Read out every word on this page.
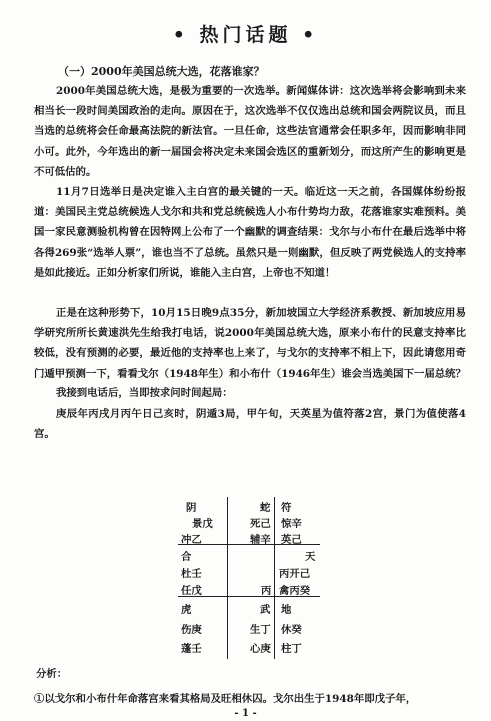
• 热门话题 •
（一）2000年美国总统大选，花落谁家？
2000年美国总统大选，是极为重要的一次选举。新闻媒体讲：这次选举将会影响到未来相当长一段时间美国政治的走向。原因在于，这次选举不仅仅选出总统和国会两院议员，而且当选的总统将会任命最高法院的新法官。一旦任命，这些法官通常会任职多年，因而影响非同小可。此外，今年选出的新一届国会将决定未来国会选区的重新划分，而这所产生的影响更是不可低估的。
11月7日选举日是决定谁入主白宫的最关键的一天。临近这一天之前，各国媒体纷纷报道：美国民主党总统候选人戈尔和共和党总统候选人小布什势均力敌，花落谁家实难预料。美国一家民意测验机构曾在因特网上公布了一个幽默的调查结果：戈尔与小布什在最后选举中将各得269张“选举人票”，谁也当不了总统。虽然只是一则幽默，但反映了两党候选人的支持率是如此接近。正如分析家们所说，谁能入主白宫，上帝也不知道！
正是在这种形势下，10月15日晚9点35分，新加坡国立大学经济系教授、新加坡应用易学研究所所长黄速洪先生给我打电话，说2000年美国总统大选，原来小布什的民意支持率比较低，没有预测的必要，最近他的支持率也上来了，与戈尔的支持率不相上下，因此请您用奇门遁甲预测一下，看看戈尔（1948年生）和小布什（1946年生）谁会当选美国下一届总统？
我接到电话后，当即按求问时间起局：
庚辰年丙戌月丙午日己亥时，阴遁3局，甲午旬，天英星为值符落2宫，景门为值使落4宫。
阴
景戊
冲乙
蛇
死己
辅辛
符
惊辛
英己
合
杜壬
任戊	丙
天
丙开己
禽丙癸
虎
伤庚
蓬壬
武
生丁
心庚
地
休癸
柱丁
分析：
①以戈尔和小布什年命落宫来看其格局及旺相休囚。戈尔出生于1948年即戊子年，
- 1 -
